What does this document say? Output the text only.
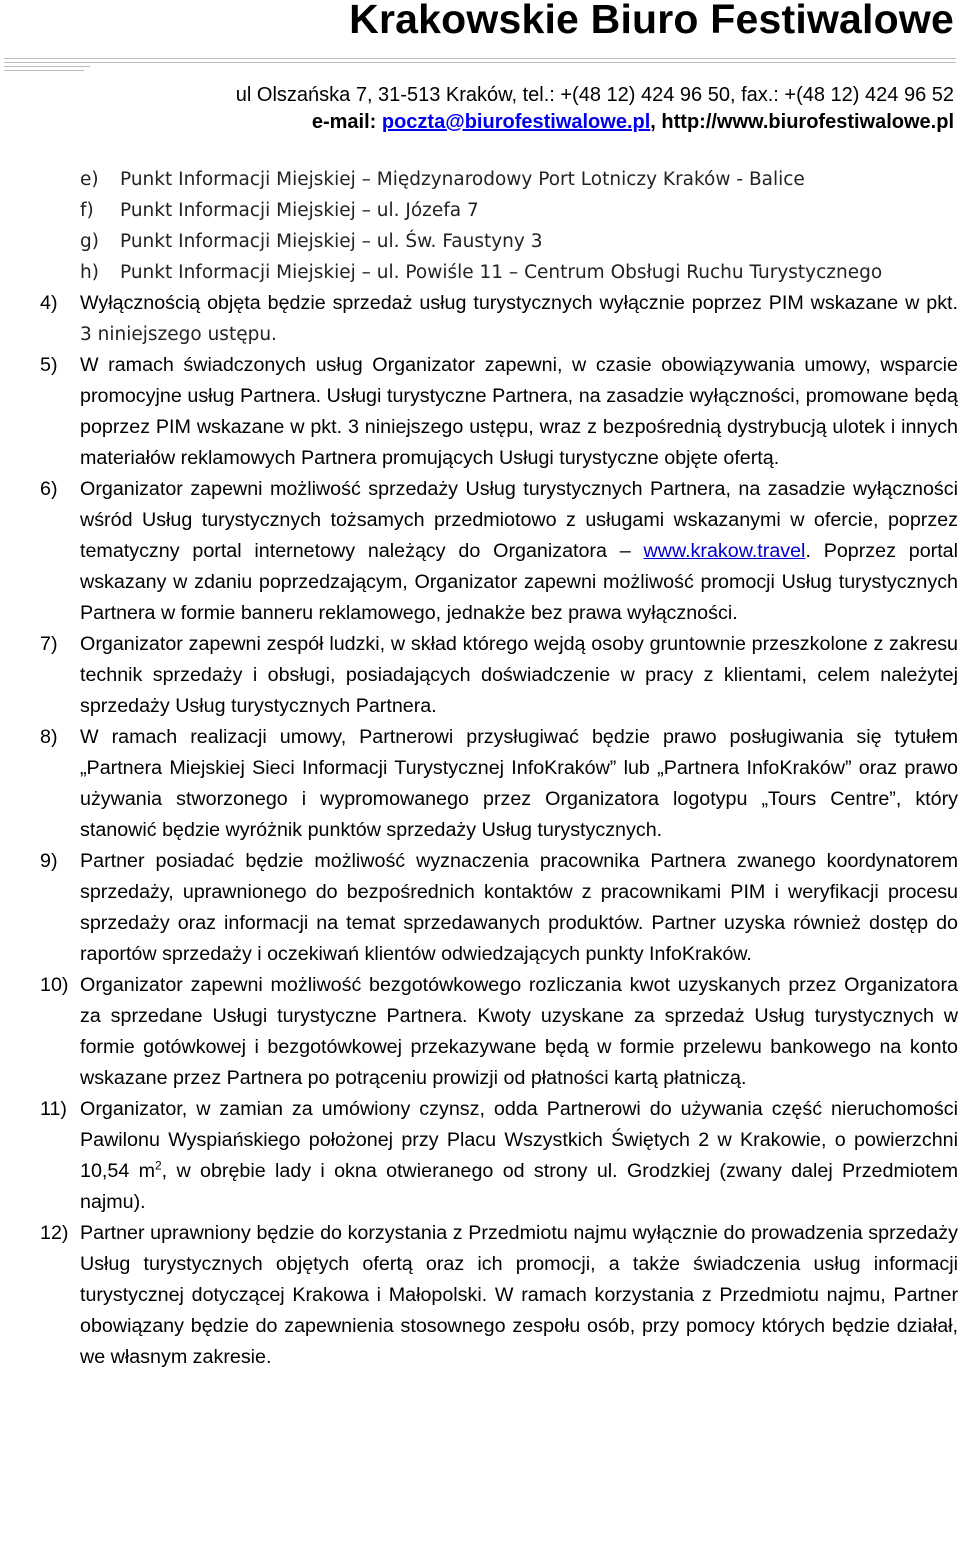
Krakowskie Biuro Festiwalowe
ul Olszańska 7, 31-513 Kraków, tel.: +(48 12) 424 96 50, fax.: +(48 12) 424 96 52
e-mail: poczta@biurofestiwalowe.pl, http://www.biurofestiwalowe.pl
e)	Punkt Informacji Miejskiej – Międzynarodowy Port Lotniczy Kraków - Balice
f)	Punkt Informacji Miejskiej – ul. Józefa 7
g)	Punkt Informacji Miejskiej – ul. Św. Faustyny 3
h)	Punkt Informacji Miejskiej – ul. Powiśle 11 – Centrum Obsługi Ruchu Turystycznego
4)	Wyłącznością objęta będzie sprzedaż usług turystycznych wyłącznie poprzez PIM wskazane w pkt. 3 niniejszego ustępu.
5)	W ramach świadczonych usług Organizator zapewni, w czasie obowiązywania umowy, wsparcie promocyjne usług Partnera. Usługi turystyczne Partnera, na zasadzie wyłączności, promowane będą poprzez PIM wskazane w pkt. 3 niniejszego ustępu, wraz z bezpośrednią dystrybucją ulotek i innych materiałów reklamowych Partnera promujących Usługi turystyczne objęte ofertą.
6)	Organizator zapewni możliwość sprzedaży Usług turystycznych Partnera, na zasadzie wyłączności wśród Usług turystycznych tożsamych przedmiotowo z usługami wskazanymi w ofercie, poprzez tematyczny portal internetowy należący do Organizatora – www.krakow.travel. Poprzez portal wskazany w zdaniu poprzedzającym, Organizator zapewni możliwość promocji Usług turystycznych Partnera w formie banneru reklamowego, jednakże bez prawa wyłączności.
7)	Organizator zapewni zespół ludzki, w skład którego wejdą osoby gruntownie przeszkolone z zakresu technik sprzedaży i obsługi, posiadających doświadczenie w pracy z klientami, celem należytej sprzedaży Usług turystycznych Partnera.
8)	W ramach realizacji umowy, Partnerowi przysługiwać będzie prawo posługiwania się tytułem „Partnera Miejskiej Sieci Informacji Turystycznej InfoKraków” lub „Partnera InfoKraków” oraz prawo używania stworzonego i wypromowanego przez Organizatora logotypu „Tours Centre”, który stanowić będzie wyróżnik punktów sprzedaży Usług turystycznych.
9)	Partner posiadać będzie możliwość wyznaczenia pracownika Partnera zwanego koordynatorem sprzedaży, uprawnionego do bezpośrednich kontaktów z pracownikami PIM i weryfikacji procesu sprzedaży oraz informacji na temat sprzedawanych produktów. Partner uzyska również dostęp do raportów sprzedaży i oczekiwań klientów odwiedzających punkty InfoKraków.
10) Organizator zapewni możliwość bezgotówkowego rozliczania kwot uzyskanych przez Organizatora za sprzedane Usługi turystyczne Partnera. Kwoty uzyskane za sprzedaż Usług turystycznych w formie gotówkowej i bezgotówkowej przekazywane będą w formie przelewu bankowego na konto wskazane przez Partnera po potrąceniu prowizji od płatności kartą płatniczą.
11) Organizator, w zamian za umówiony czynsz, odda Partnerowi do używania część nieruchomości Pawilonu Wyspiańskiego położonej przy Placu Wszystkich Świętych 2 w Krakowie, o powierzchni 10,54 $m^2$, w obrębie lady i okna otwieranego od strony ul. Grodzkiej (zwany dalej Przedmiotem najmu).
12) Partner uprawniony będzie do korzystania z Przedmiotu najmu wyłącznie do prowadzenia sprzedaży Usług turystycznych objętych ofertą oraz ich promocji, a także świadczenia usług informacji turystycznej dotyczącej Krakowa i Małopolski. W ramach korzystania z Przedmiotu najmu, Partner obowiązany będzie do zapewnienia stosownego zespołu osób, przy pomocy których będzie działał, we własnym zakresie.
